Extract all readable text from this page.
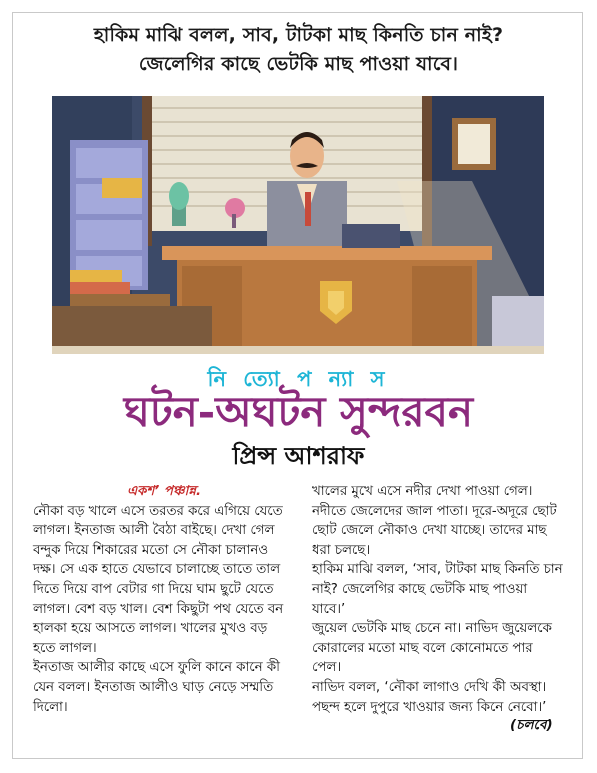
হাকিম মাঝি বলল, সাব, টাটকা মাছ কিনতি চান নাই?
জেলেগির কাছে ভেটকি মাছ পাওয়া যাবে।
নি ত্যো প ন্যা স
ঘটন-অঘটন সুন্দরবন
প্রিন্স আশরাফ
একশ’ পঞ্চান্ন.

নৌকা বড় খালে এসে তরতর করে এগিয়ে যেতে লাগল। ইনতাজ আলী বৈঠা বাইছে। দেখা গেল বন্দুক দিয়ে শিকারের মতো সে নৌকা চালানও দক্ষ। সে এক হাতে যেভাবে চালাচ্ছে তাতে তাল দিতে দিয়ে বাপ বেটার গা দিয়ে ঘাম ছুটে যেতে লাগল। বেশ বড় খাল। বেশ কিছুটা পথ যেতে বন হালকা হয়ে আসতে লাগল। খালের মুখও বড় হতে লাগল।

ইনতাজ আলীর কাছে এসে ফুলি কানে কানে কী যেন বলল। ইনতাজ আলীও ঘাড় নেড়ে সম্মতি দিলো।

খালের মুখে এসে নদীর দেখা পাওয়া গেল। নদীতে জেলেদের জাল পাতা। দূরে-অদূরে ছোট ছোট জেলে নৌকাও দেখা যাচ্ছে। তাদের মাছ ধরা চলছে।

হাকিম মাঝি বলল, ‘সাব, টাটকা মাছ কিনতি চান নাই? জেলেগির কাছে ভেটকি মাছ পাওয়া যাবে।’

জুয়েল ভেটকি মাছ চেনে না। নাভিদ জুয়েলকে কোরালের মতো মাছ বলে কোনোমতে পার পেল।

নাভিদ বলল, ‘নৌকা লাগাও দেখি কী অবস্থা। পছন্দ হলে দুপুরে খাওয়ার জন্য কিনে নেবো।’

(চলবে)
